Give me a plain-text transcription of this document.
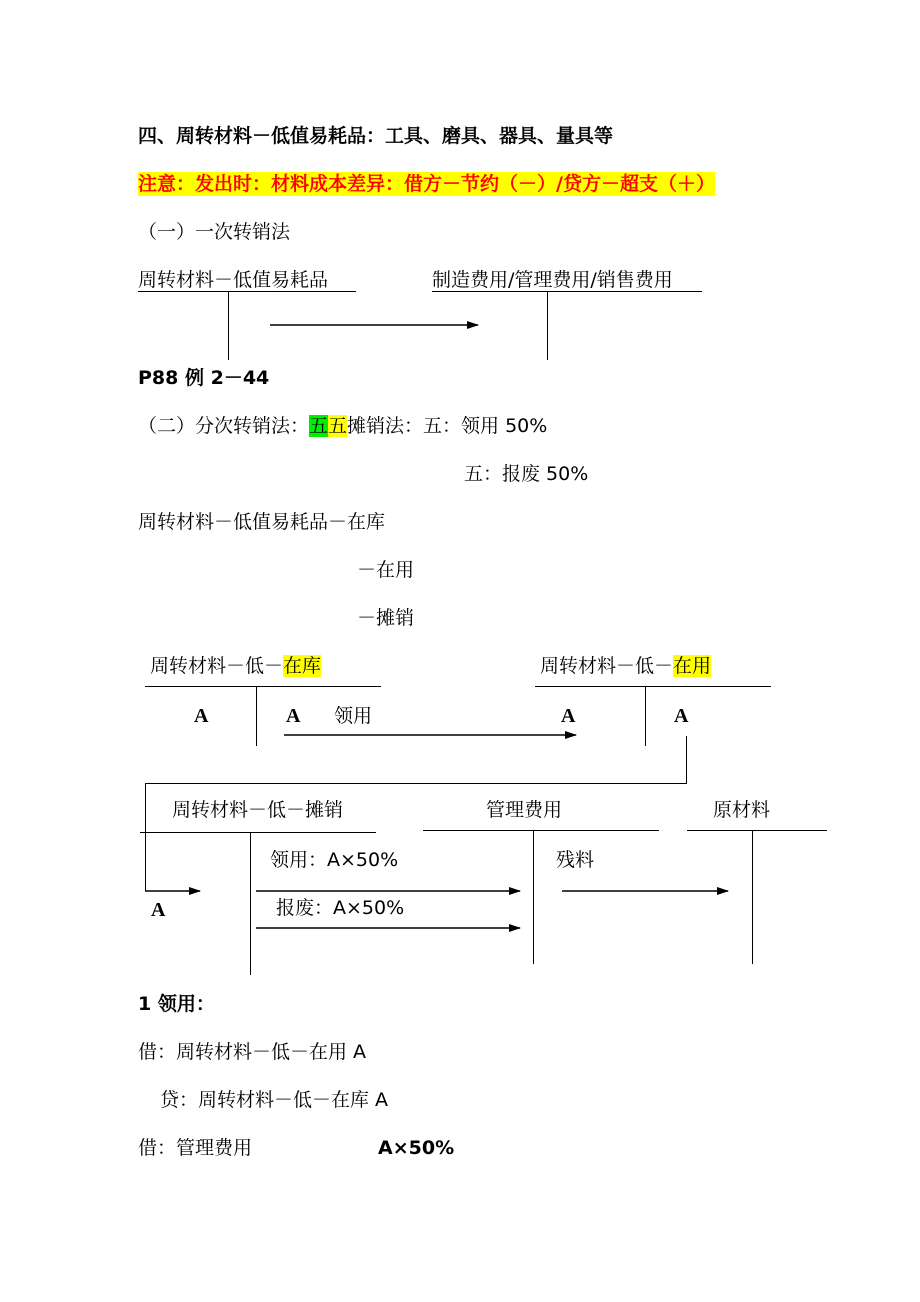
四、周转材料－低值易耗品：工具、磨具、器具、量具等
注意：发出时：材料成本差异：借方－节约（－）/贷方－超支（＋）
（一）一次转销法
周转材料－低值易耗品	制造费用/管理费用/销售费用
P88 例 2－44
（二）分次转销法：五五摊销法：五：领用 50%
五：报废 50%
周转材料－低值易耗品－在库
－在用
－摊销
周转材料－低－在库
A	A 领用
周转材料－低－在用
A	A
周转材料－低－摊销
领用：A×50%
报废：A×50%
A
管理费用
残料
原材料
1 领用：
借：周转材料－低－在用 A
贷：周转材料－低－在库 A
借：管理费用	A×50%
